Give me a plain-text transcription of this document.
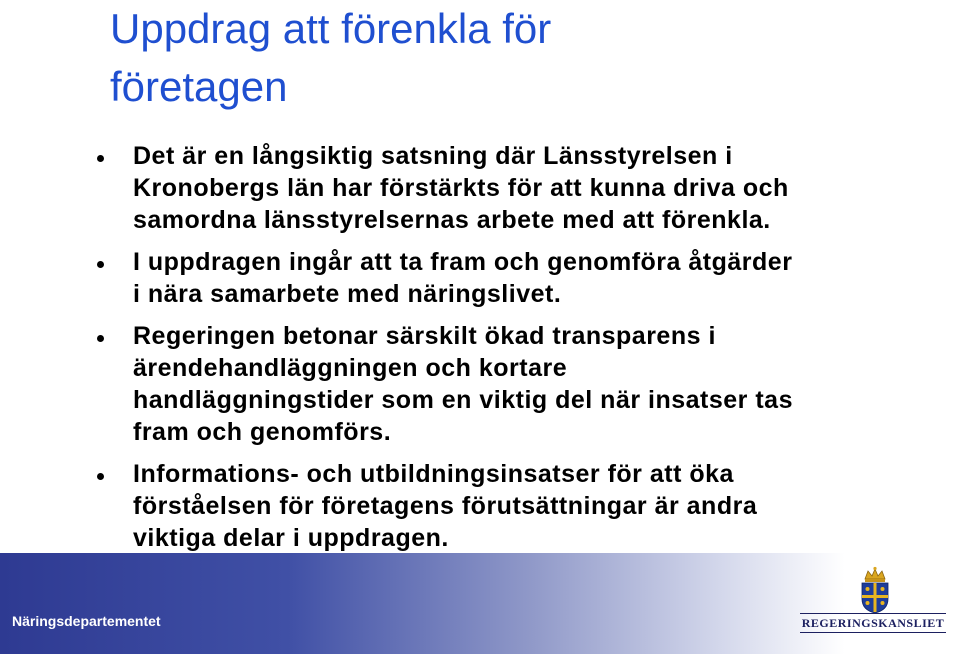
Uppdrag att förenkla för
företagen
Det är en långsiktig satsning där Länsstyrelsen i
Kronobergs län har förstärkts för att kunna driva och
samordna länsstyrelsernas arbete med att förenkla.
I uppdragen ingår att ta fram och genomföra åtgärder
i nära samarbete med näringslivet.
Regeringen betonar särskilt ökad transparens i
ärendehandläggningen och kortare
handläggningstider som en viktig del när insatser tas
fram och genomförs.
Informations- och utbildningsinsatser för att öka
förståelsen för företagens förutsättningar är andra
viktiga delar i uppdragen.
Näringsdepartementet	REGERINGSKANSLIET
